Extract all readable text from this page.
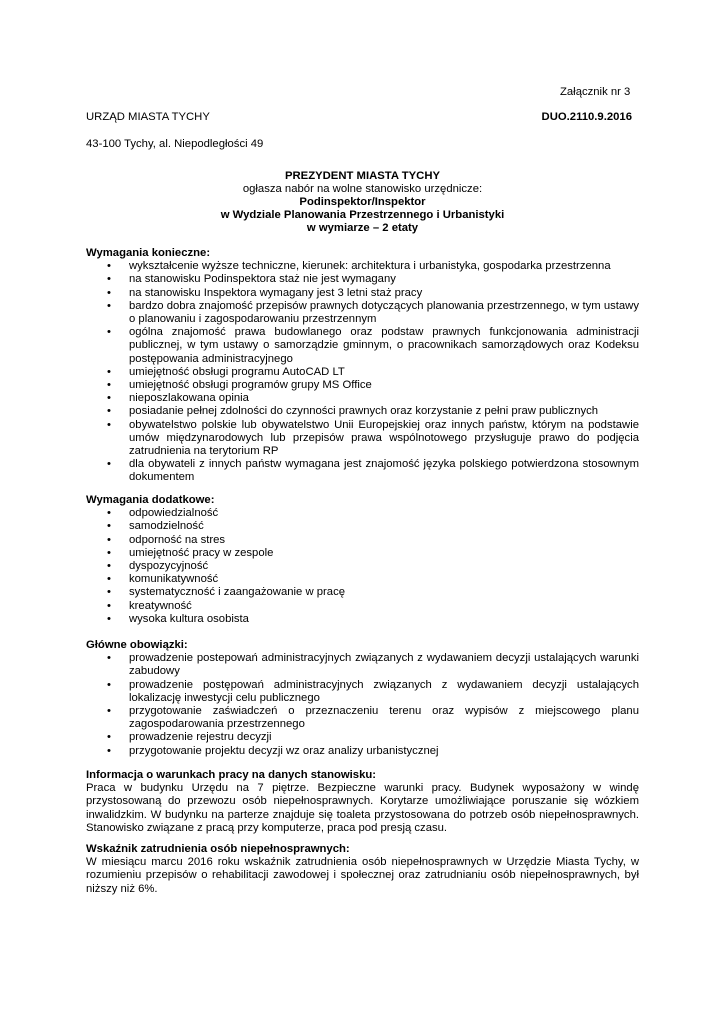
Załącznik nr 3
URZĄD MIASTA TYCHY	DUO.2110.9.2016
43-100 Tychy, al. Niepodległości 49
PREZYDENT MIASTA TYCHY
ogłasza nabór na wolne stanowisko urzędnicze:
Podinspektor/Inspektor
w Wydziale Planowania Przestrzennego i Urbanistyki
w wymiarze – 2 etaty
Wymagania konieczne:
• wykształcenie wyższe techniczne, kierunek: architektura i urbanistyka, gospodarka przestrzenna
• na stanowisku Podinspektora staż nie jest wymagany
• na stanowisku Inspektora wymagany jest 3 letni staż pracy
• bardzo dobra znajomość przepisów prawnych dotyczących planowania przestrzennego, w tym ustawy o planowaniu i zagospodarowaniu przestrzennym
• ogólna znajomość prawa budowlanego oraz podstaw prawnych funkcjonowania administracji publicznej, w tym ustawy o samorządzie gminnym, o pracownikach samorządowych oraz Kodeksu postępowania administracyjnego
• umiejętność obsługi programu AutoCAD LT
• umiejętność obsługi programów grupy MS Office
• nieposzlakowana opinia
• posiadanie pełnej zdolności do czynności prawnych oraz korzystanie z pełni praw publicznych
• obywatelstwo polskie lub obywatelstwo Unii Europejskiej oraz innych państw, którym na podstawie umów międzynarodowych lub przepisów prawa wspólnotowego przysługuje prawo do podjęcia zatrudnienia na terytorium RP
• dla obywateli z innych państw wymagana jest znajomość języka polskiego potwierdzona stosownym dokumentem
Wymagania dodatkowe:
• odpowiedzialność
• samodzielność
• odporność na stres
• umiejętność pracy w zespole
• dyspozycyjność
• komunikatywność
• systematyczność i zaangażowanie w pracę
• kreatywność
• wysoka kultura osobista
Główne obowiązki:
• prowadzenie postepowań administracyjnych związanych z wydawaniem decyzji ustalających warunki zabudowy
• prowadzenie postępowań administracyjnych związanych z wydawaniem decyzji ustalających lokalizację inwestycji celu publicznego
• przygotowanie zaświadczeń o przeznaczeniu terenu oraz wypisów z miejscowego planu zagospodarowania przestrzennego
• prowadzenie rejestru decyzji
• przygotowanie projektu decyzji wz oraz analizy urbanistycznej
Informacja o warunkach pracy na danych stanowisku:
Praca w budynku Urzędu na 7 piętrze. Bezpieczne warunki pracy. Budynek wyposażony w windę przystosowaną do przewozu osób niepełnosprawnych. Korytarze umożliwiające poruszanie się wózkiem inwalidzkim. W budynku na parterze znajduje się toaleta przystosowana do potrzeb osób niepełnosprawnych. Stanowisko związane z pracą przy komputerze, praca pod presją czasu.
Wskaźnik zatrudnienia osób niepełnosprawnych:
W miesiącu marcu 2016 roku wskaźnik zatrudnienia osób niepełnosprawnych w Urzędzie Miasta Tychy, w rozumieniu przepisów o rehabilitacji zawodowej i społecznej oraz zatrudnianiu osób niepełnosprawnych, był niższy niż 6%.
